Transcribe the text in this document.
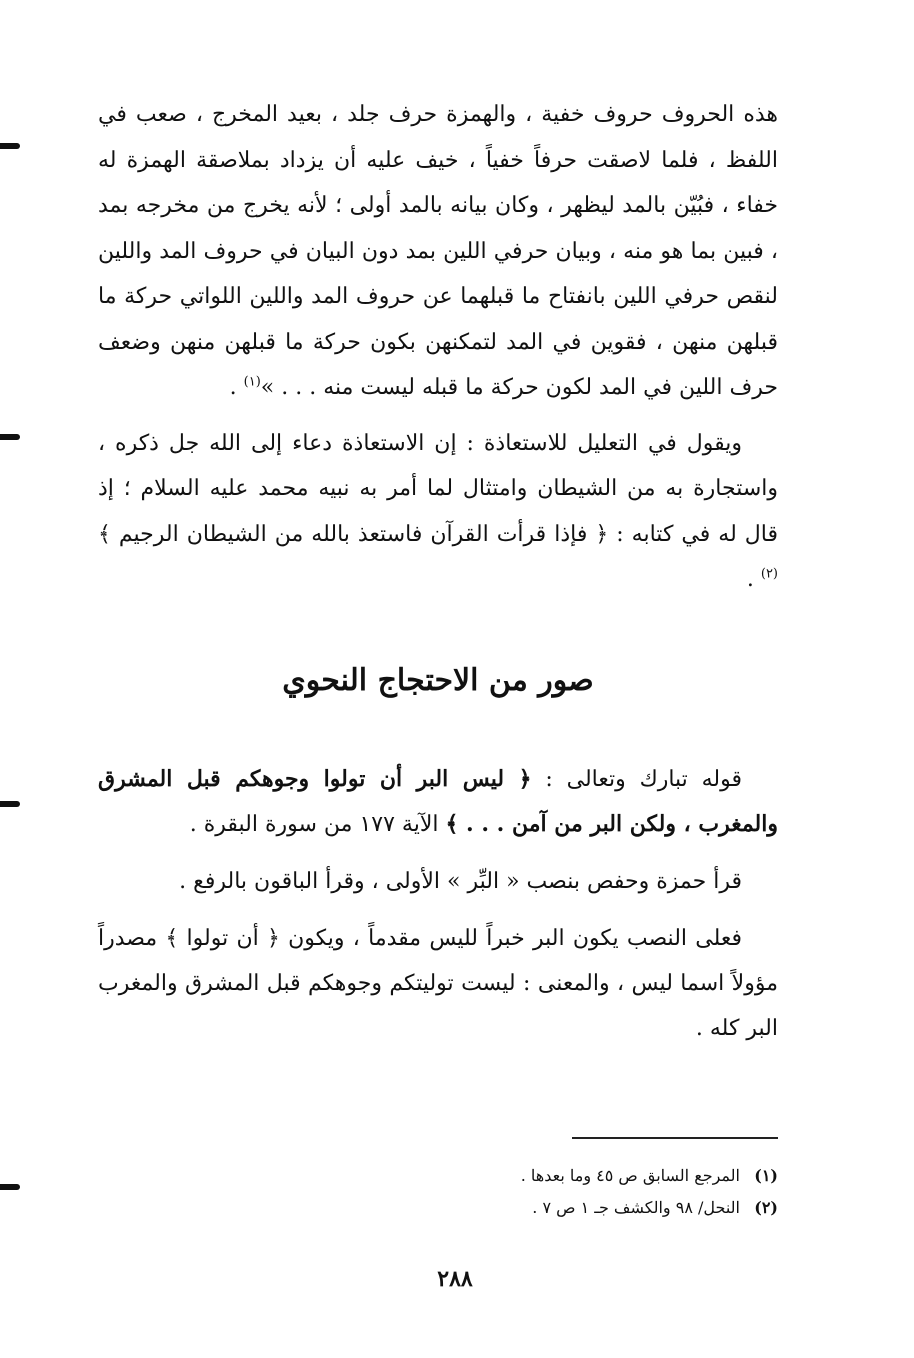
هذه الحروف حروف خفية ، والهمزة حرف جلد ، بعيد المخرج ، صعب في اللفظ ، فلما لاصقت حرفاً خفياً ، خيف عليه أن يزداد بملاصقة الهمزة له خفاء ، فبُيّن بالمد ليظهر ، وكان بيانه بالمد أولى ؛ لأنه يخرج من مخرجه بمد ، فبين بما هو منه ، وبيان حرفي اللين بمد دون البيان في حروف المد واللين لنقص حرفي اللين بانفتاح ما قبلهما عن حروف المد واللين اللواتي حركة ما قبلهن منهن ، فقوين في المد لتمكنهن بكون حركة ما قبلهن منهن وضعف حرف اللين في المد لكون حركة ما قبله ليست منه . . . »$^{(١)}$ .

ويقول في التعليل للاستعاذة : إن الاستعاذة دعاء إلى الله جل ذكره ، واستجارة به من الشيطان وامتثال لما أمر به نبيه محمد عليه السلام ؛ إذ قال له في كتابه : ﴿ فإذا قرأت القرآن فاستعذ بالله من الشيطان الرجيم ﴾$^{(٢)}$ .

صور من الاحتجاج النحوي

قوله تبارك وتعالى : ﴿ ليس البر أن تولوا وجوهكم قبل المشرق والمغرب ، ولكن البر من آمن . . . ﴾ الآية ١٧٧ من سورة البقرة .

قرأ حمزة وحفص بنصب « البِّر » الأولى ، وقرأ الباقون بالرفع .

فعلى النصب يكون البر خبراً لليس مقدماً ، ويكون ﴿ أن تولوا ﴾ مصدراً مؤولاً اسما ليس ، والمعنى : ليست توليتكم وجوهكم قبل المشرق والمغرب البر كله .

(١)المرجع السابق ص ٤٥ وما بعدها .
(٢)النحل/ ٩٨ والكشف جـ ١ ص ٧ .
٢٨٨
